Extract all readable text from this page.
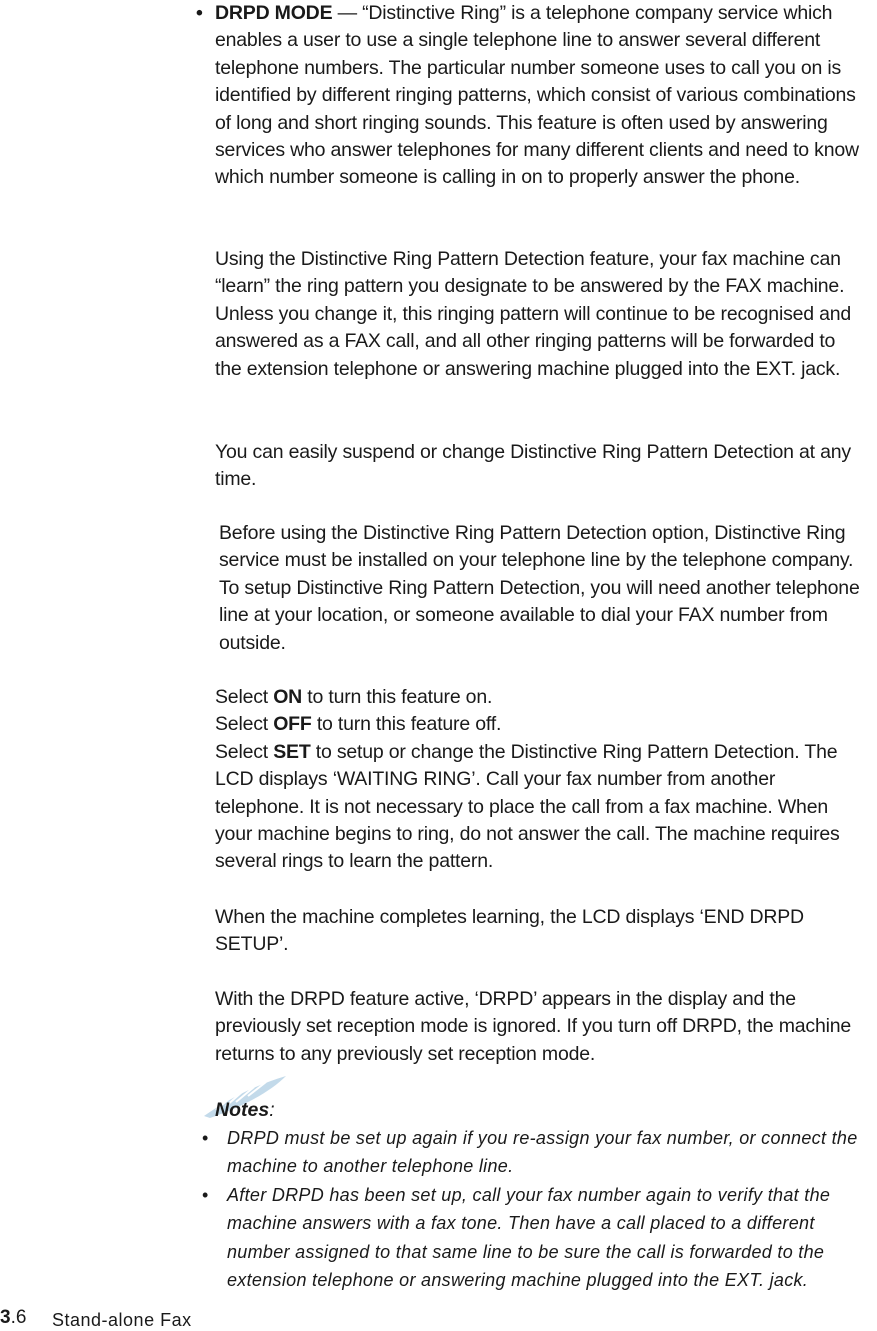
• DRPD MODE — “Distinctive Ring” is a telephone company service which enables a user to use a single telephone line to answer several different telephone numbers. The particular number someone uses to call you on is identified by different ringing patterns, which consist of various combinations of long and short ringing sounds. This feature is often used by answering services who answer telephones for many different clients and need to know which number someone is calling in on to properly answer the phone.

Using the Distinctive Ring Pattern Detection feature, your fax machine can “learn” the ring pattern you designate to be answered by the FAX machine. Unless you change it, this ringing pattern will continue to be recognised and answered as a FAX call, and all other ringing patterns will be forwarded to the extension telephone or answering machine plugged into the EXT. jack.

You can easily suspend or change Distinctive Ring Pattern Detection at any time.

Before using the Distinctive Ring Pattern Detection option, Distinctive Ring service must be installed on your telephone line by the telephone company. To setup Distinctive Ring Pattern Detection, you will need another telephone line at your location, or someone available to dial your FAX number from outside.

Select ON to turn this feature on.
Select OFF to turn this feature off.
Select SET to setup or change the Distinctive Ring Pattern Detection. The LCD displays ‘WAITING RING’. Call your fax number from another telephone. It is not necessary to place the call from a fax machine. When your machine begins to ring, do not answer the call. The machine requires several rings to learn the pattern.

When the machine completes learning, the LCD displays ‘END DRPD SETUP’.

With the DRPD feature active, ‘DRPD’ appears in the display and the previously set reception mode is ignored. If you turn off DRPD, the machine returns to any previously set reception mode.

Notes:

•	DRPD must be set up again if you re-assign your fax number, or connect the machine to another telephone line.

•	After DRPD has been set up, call your fax number again to verify that the machine answers with a fax tone. Then have a call placed to a different number assigned to that same line to be sure the call is forwarded to the extension telephone or answering machine plugged into the EXT. jack.

3.6 Stand-alone Fax
